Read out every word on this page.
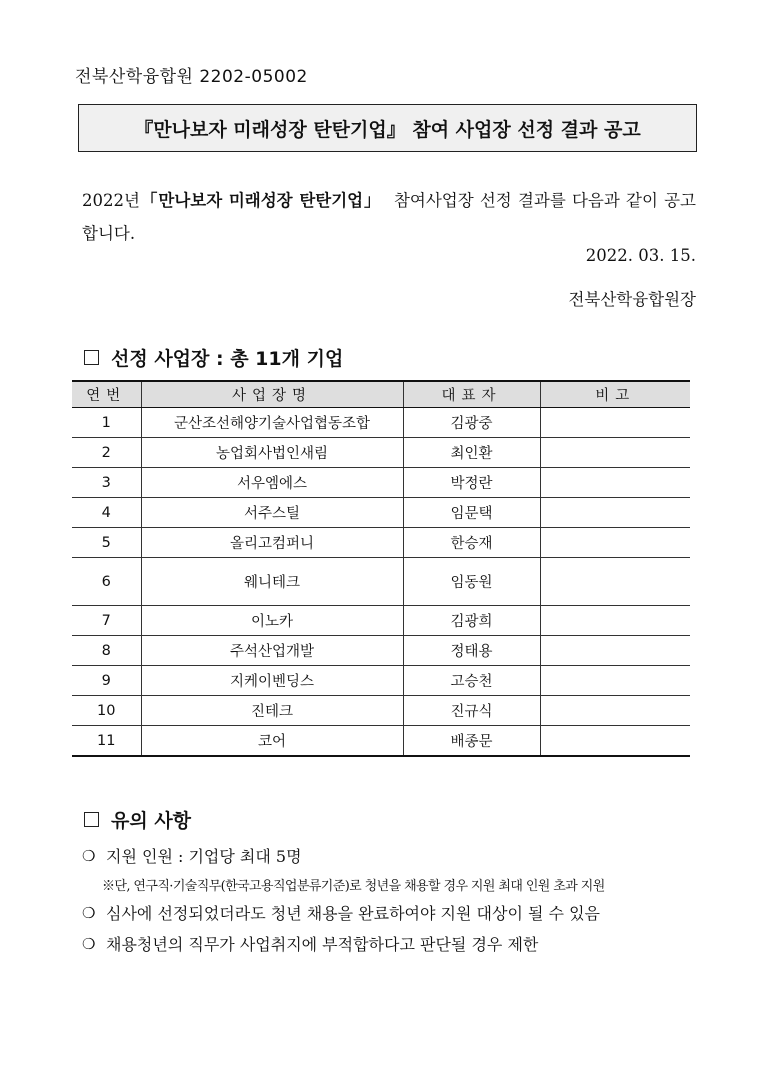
전북산학융합원 2202-05002
『만나보자 미래성장 탄탄기업』 참여 사업장 선정 결과 공고
2022년「만나보자 미래성장 탄탄기업」 참여사업장 선정 결과를 다음과 같이 공고합니다.
2022. 03. 15.
전북산학융합원장
선정 사업장 : 총 11개 기업
연번	사업장명	대표자	비고
1	군산조선해양기술사업협동조합	김광중	
2	농업회사법인새림	최인환	
3	서우엠에스	박정란	
4	서주스틸	임문택	
5	올리고컴퍼니	한승재	
6	웨니테크	임동원	
7	이노카	김광희	
8	주석산업개발	정태용	
9	지케이벤딩스	고승천	
10	진테크	진규식	
11	코어	배종문	
유의 사항
❍ 지원 인원 : 기업당 최대 5명
※단, 연구직·기술직무(한국고용직업분류기준)로 청년을 채용할 경우 지원 최대 인원 초과 지원
❍ 심사에 선정되었더라도 청년 채용을 완료하여야 지원 대상이 될 수 있음
❍ 채용청년의 직무가 사업취지에 부적합하다고 판단될 경우 제한
